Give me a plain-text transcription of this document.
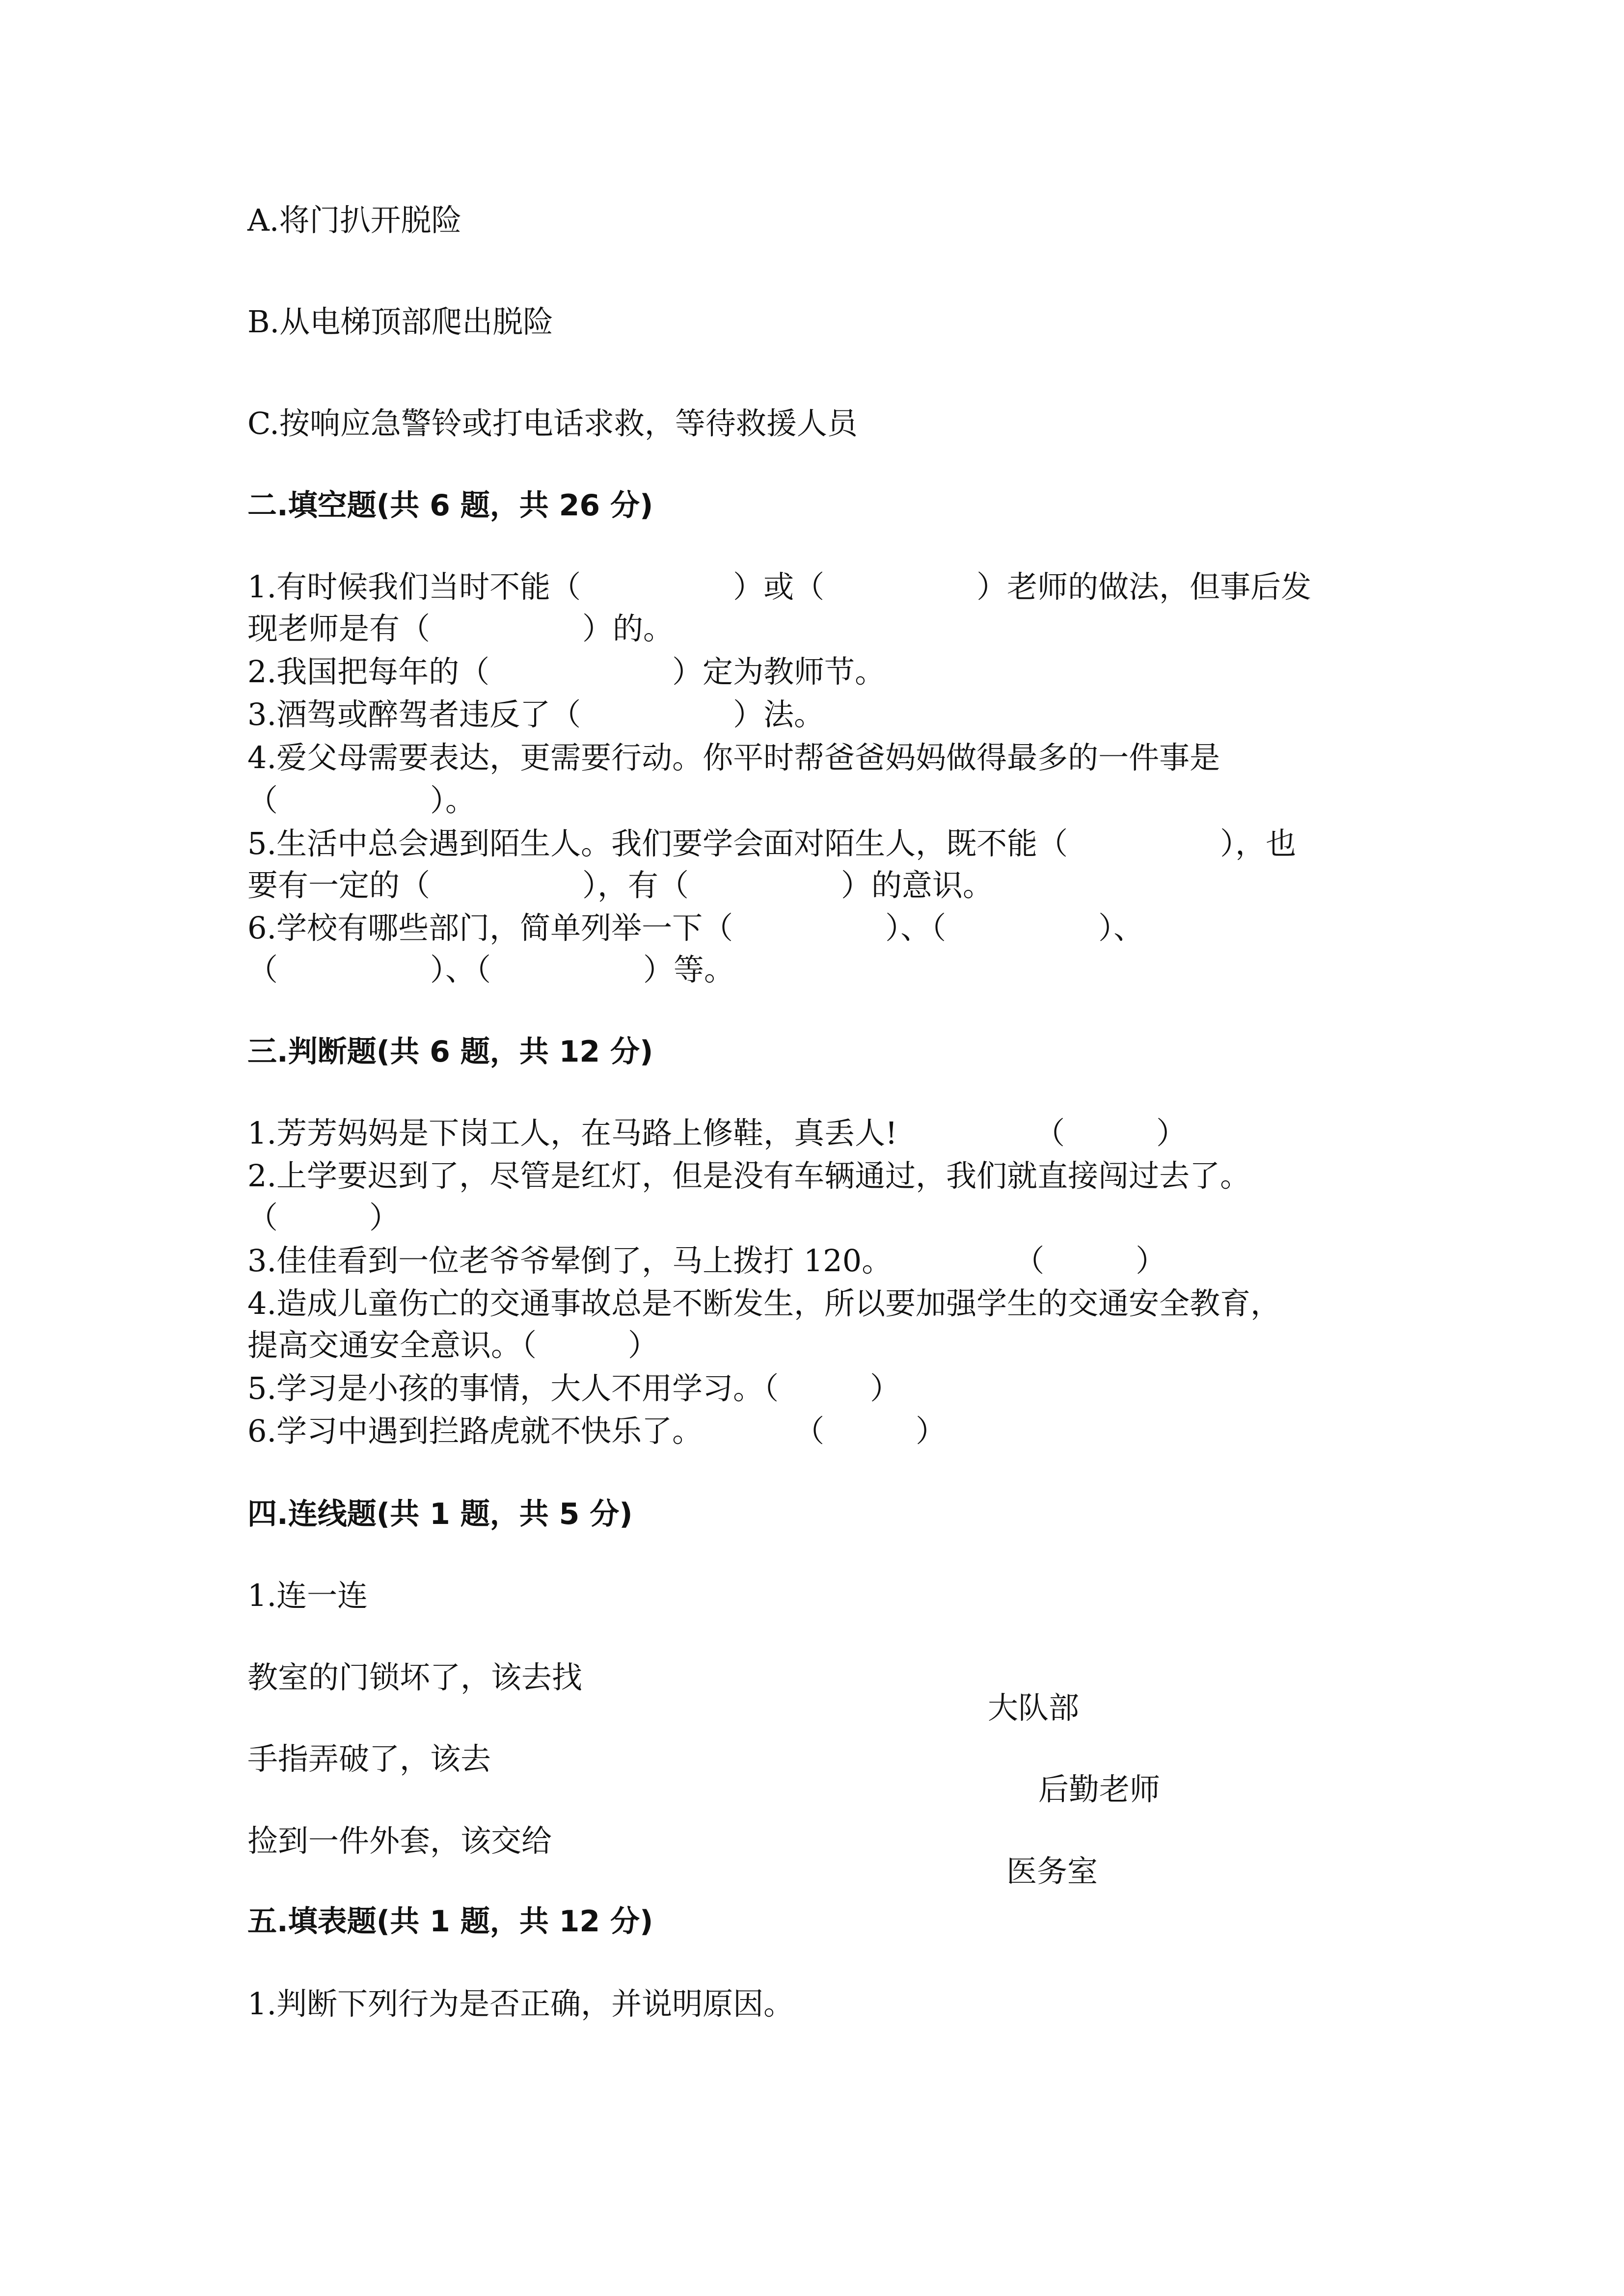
A.将门扒开脱险

B.从电梯顶部爬出脱险

C.按响应急警铃或打电话求救，等待救援人员

二.填空题(共 6 题，共 26 分)

1.有时候我们当时不能（　　　　　）或（　　　　　）老师的做法，但事后发

现老师是有（　　　　　）的。

2.我国把每年的（　　　　　　）定为教师节。

3.酒驾或醉驾者违反了（　　　　　）法。

4.爱父母需要表达，更需要行动。你平时帮爸爸妈妈做得最多的一件事是

（　　　　　）。

5.生活中总会遇到陌生人。我们要学会面对陌生人，既不能（　　　　　），也

要有一定的（　　　　　），有（　　　　　）的意识。

6.学校有哪些部门，简单列举一下（　　　　　）、（　　　　　）、

（　　　　　）、（　　　　　）等。

三.判断题(共 6 题，共 12 分)

1.芳芳妈妈是下岗工人，在马路上修鞋，真丢人!　　　　　（　　　）

2.上学要迟到了，尽管是红灯，但是没有车辆通过，我们就直接闯过去了。

（　　　）

3.佳佳看到一位老爷爷晕倒了，马上拨打 120。　　　　　（　　　）

4.造成儿童伤亡的交通事故总是不断发生，所以要加强学生的交通安全教育，

提高交通安全意识。（　　　）

5.学习是小孩的事情，大人不用学习。（　　　）

6.学习中遇到拦路虎就不快乐了。　　　　（　　　）

四.连线题(共 1 题，共 5 分)

1.连一连

教室的门锁坏了，该去找

大队部

手指弄破了，该去

后勤老师

捡到一件外套，该交给

医务室

五.填表题(共 1 题，共 12 分)

1.判断下列行为是否正确，并说明原因。
